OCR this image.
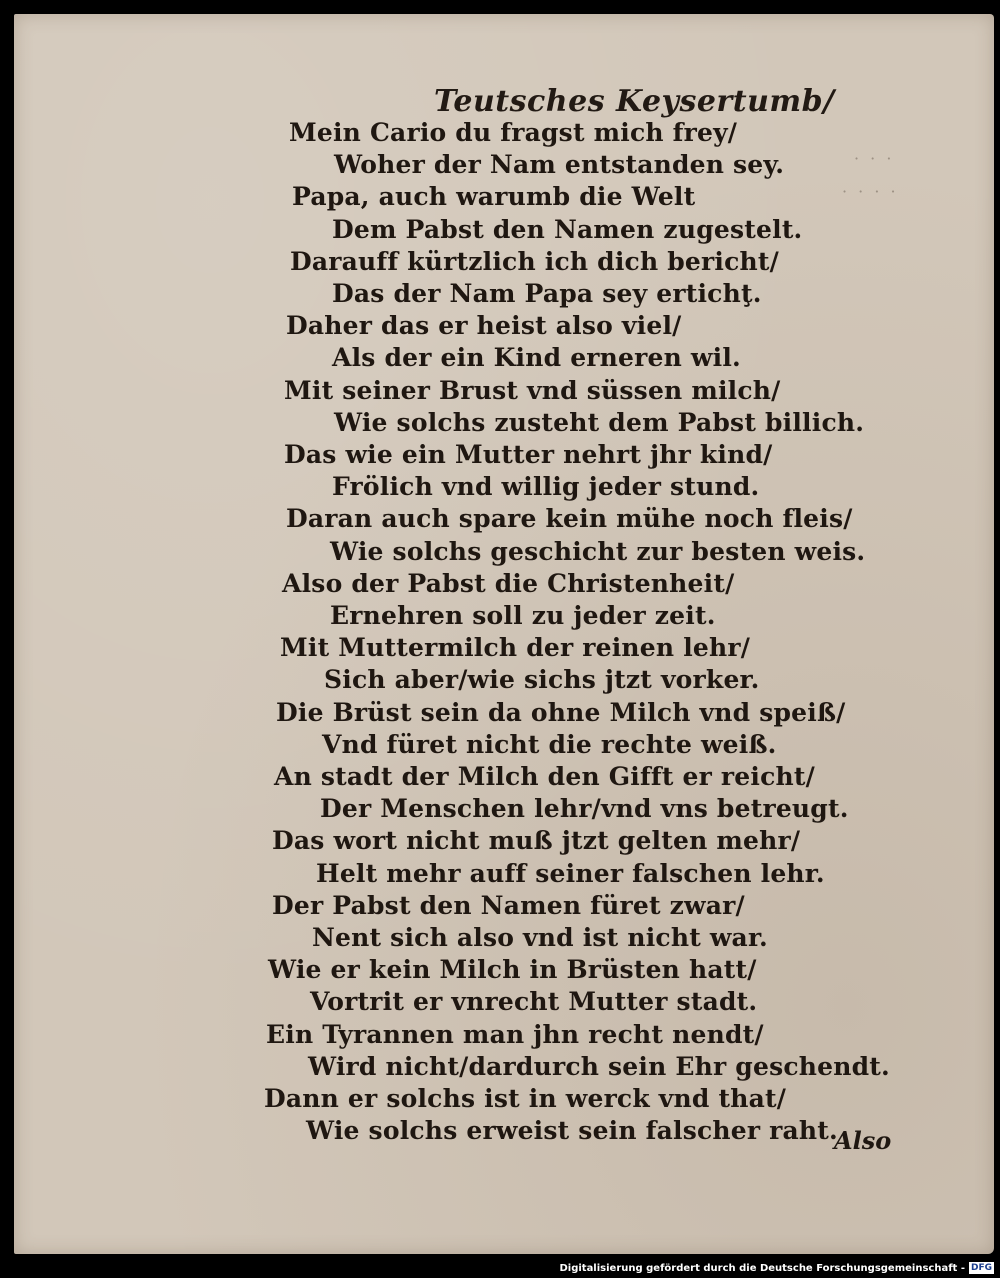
Teutsches Keysertumb/
Mein Cario du fragst mich frey/
Woher der Nam entstanden sey.
Papa, auch warumb die Welt
Dem Pabst den Namen zugestelt.
Darauff kürtzlich ich dich bericht/
Das der Nam Papa sey ertichţ.
Daher das er heist also viel/
Als der ein Kind erneren wil.
Mit seiner Brust vnd süssen milch/
Wie solchs zusteht dem Pabst billich.
Das wie ein Mutter nehrt jhr kind/
Frölich vnd willig jeder stund.
Daran auch spare kein mühe noch fleis/
Wie solchs geschicht zur besten weis.
Also der Pabst die Christenheit/
Ernehren soll zu jeder zeit.
Mit Muttermilch der reinen lehr/
Sich aber/wie sichs jtzt vorker.
Die Brüst sein da ohne Milch vnd speiß/
Vnd füret nicht die rechte weiß.
An stadt der Milch den Gifft er reicht/
Der Menschen lehr/vnd vns betreugt.
Das wort nicht muß jtzt gelten mehr/
Helt mehr auff seiner falschen lehr.
Der Pabst den Namen füret zwar/
Nent sich also vnd ist nicht war.
Wie er kein Milch in Brüsten hatt/
Vortrit er vnrecht Mutter stadt.
Ein Tyrannen man jhn recht nendt/
Wird nicht/dardurch sein Ehr geschendt.
Dann er solchs ist in werck vnd that/
Wie solchs erweist sein falscher raht.
Also
· · ·
· · · ·
Digitalisierung gefördert durch die Deutsche Forschungsgemeinschaft - DFG
